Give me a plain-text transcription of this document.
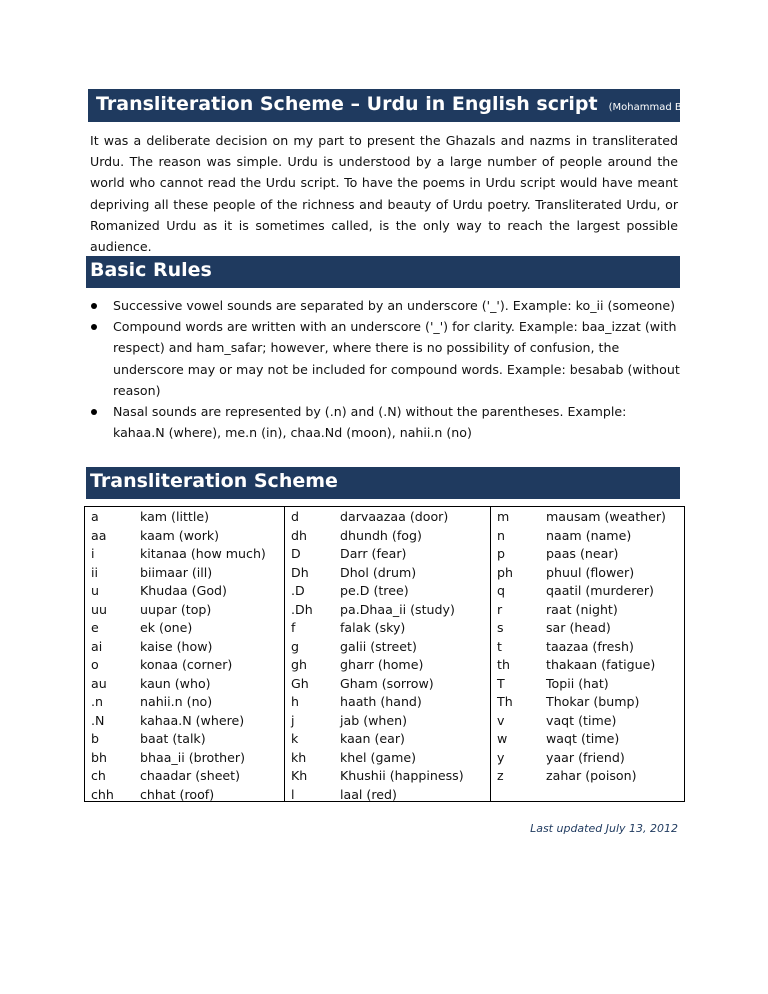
Transliteration Scheme – Urdu in English script (Mohammad Bilal Aftab)

It was a deliberate decision on my part to present the Ghazals and nazms in transliterated Urdu. The reason was simple. Urdu is understood by a large number of people around the world who cannot read the Urdu script. To have the poems in Urdu script would have meant depriving all these people of the richness and beauty of Urdu poetry. Transliterated Urdu, or Romanized Urdu as it is sometimes called, is the only way to reach the largest possible audience.

Basic Rules
Successive vowel sounds are separated by an underscore ('_'). Example: ko_ii (someone)
Compound words are written with an underscore ('_') for clarity. Example: baa_izzat (with respect) and ham_safar; however, where there is no possibility of confusion, the underscore may or may not be included for compound words. Example: besabab (without reason)
Nasal sounds are represented by (.n) and (.N) without the parentheses. Example: kahaa.N (where), me.n (in), chaa.Nd (moon), nahii.n (no)
Transliteration Scheme
a	kam (little)
aa	kaam (work)
i	kitanaa (how much)
ii	biimaar (ill)
u	Khudaa (God)
uu	uupar (top)
e	ek (one)
ai	kaise (how)
o	konaa (corner)
au	kaun (who)
.n	nahii.n (no)
.N	kahaa.N (where)
b	baat (talk)
bh	bhaa_ii (brother)
ch	chaadar (sheet)
chh	chhat (roof)
d	darvaazaa (door)
dh	dhundh (fog)
D	Darr (fear)
Dh	Dhol (drum)
.D	pe.D (tree)
.Dh	pa.Dhaa_ii (study)
f	falak (sky)
g	galii (street)
gh	gharr (home)
Gh	Gham (sorrow)
h	haath (hand)
j	jab (when)
k	kaan (ear)
kh	khel (game)
Kh	Khushii (happiness)
l	laal (red)
m	mausam (weather)
n	naam (name)
p	paas (near)
ph	phuul (flower)
q	qaatil (murderer)
r	raat (night)
s	sar (head)
t	taazaa (fresh)
th	thakaan (fatigue)
T	Topii (hat)
Th	Thokar (bump)
v	vaqt (time)
w	waqt (time)
y	yaar (friend)
z	zahar (poison)
Last updated July 13, 2012
